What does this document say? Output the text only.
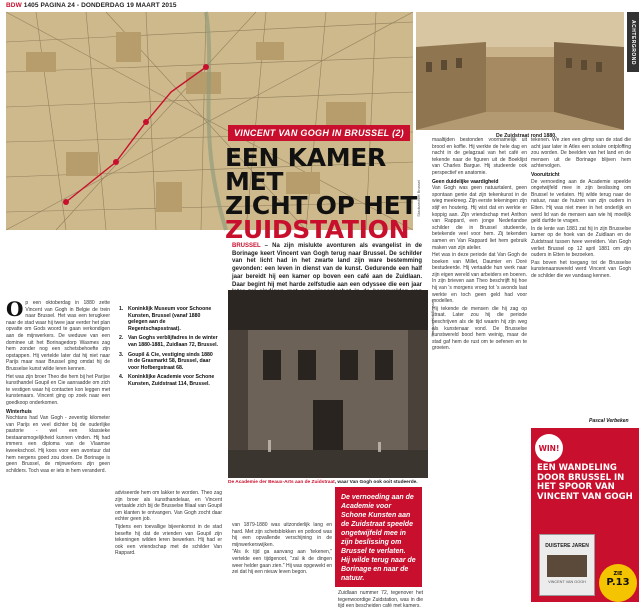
BDW 1405 PAGINA 24 - DONDERDAG 19 MAART 2015
Stadsarchief Brussel
De Zuidstraat rond 1880.
ACHTERGROND
VINCENT VAN GOGH IN BRUSSEL (2)
EEN KAMER MET
ZICHT OP HET
ZUIDSTATION
BRUSSEL – Na zijn mislukte avonturen als evangelist in de Borinage keert Vincent van Gogh terug naar Brussel. De schilder van het licht had in het zwarte land zijn ware bestemming gevonden: een leven in dienst van de kunst. Gedurende een half jaar bereidt hij een kamer op boven een café aan de Zuidlaan. Daar begint hij met harde zelfstudie aan een odyssee die een jaar
O p een oktoberdag in 1880 zette Vincent van Gogh in Belgie de trein naar Brussel. Het was een terugkeer naar de stad waar hij twee jaar eerder het plan opvatte om Gods woord te gaan verkondigen aan de mijnwerkers. De weduwe van een dominee uit het Borinagedorp Wasmes zag hem zonder nog een schetsbehoefte zijn opstappen. Hij vertelde later dat hij niet naar Parijs maar naar Brussel ging omdat hij de Brusselse kunst wilde leren kennen.

Het was zijn broer Theo die hem bij het Parijse kunsthandel Goupil en Cie aanraadde om zich te vestigen waar hij contacten kon leggen met kunstenaars. Vincent ging op zoek naar een goedkoop onderkomen.

Winterhuis

Nochtans had Van Gogh - zeventig kilometer van Parijs en veel dichter bij de ouderlijke pastorie - wel een klassieke bestaansmogelijkheid kunnen vinden. Hij had immers een diploma van de Vlaamse kweekschool. Hij koos voor een avontuur dat hem nergens goed zou doen. De Borinage is geen Brussel, de mijnwerkers zijn geen schilders. Toch was er iets in hem veranderd.

1. Koninklijk Museum voor Schoone Kunsten, Brussel (vanaf 1880 gelegen aan de Regentschapsstraat).
2. Van Goghs verblijfadres in de winter van 1880-1881, Zuidlaan 72, Brussel.
3. Goupil & Cie, vestiging sinds 1880 in de Grasmarkt 58, Brussel, daar voor Hofbergstraat 68.
4. Koninklijke Academie voor Schone Kunsten, Zuidstraat 114, Brussel.

adviseerde hem om lakker te worden. Theo zag zijn broer als kunsthandelaar, en Vincent vertaalde zich bij de Brusselse filiaal van Goupil om klanten te ontvangen. Van Gogh zocht daar echter geen job.

Tijdens een toevallige bijeenkomst in de stad besefte hij dat de vrienden van Goupil zijn tekeningen wilden leren bewerken. Hij had er ook een vriendschap met de schilder Van Rappard.

De Academie der Beaux-Arts aan de Zuidstraat, waar Van Gogh ook ooit studeerde.
Stadsarchief Brussel
De vernoeding aan de Academie voor Schone Kunsten aan de Zuidstraat speelde ongetwijfeld mee in zijn beslissing om Brussel te verlaten. Hij wilde terug naar de Borinage en naar de natuur.

van 1879-1880 was uitzonderlijk lang en hard. Met zijn schetsblokken en potlood was hij een opvallende verschijning in de mijnwerkerswijken.

"Als ik tijd ga aanvang aan 'tekenen," vertelde een tijdgenoot, "zal ik de dingen weer helder gaan zien." Hij was opgewekt en zei dat hij een nieuw leven begon.

Zuidlaan nummer 72, tegenover het tegenwoordige Zuidstation, was in die tijd een bescheiden café met kamers.

maaltijden bestonden voornamelijk uit brood en koffie. Hij werkte de hele dag en nacht in de gelagzaal van het café en tekende naar de figuren uit de Boeklijst van Charles Bargue. Hij studeerde ook perspectief en anatomie.

Geen duidelijke vaardigheid

Van Gogh was geen natuurtalent, geen spontaan genie dat zijn tekenkunst in de wieg meekreeg. Zijn eerste tekeningen zijn stijf en houterig. Hij wist dat en werkte er koppig aan. Zijn vriendschap met Anthon van Rappard, een jonge Nederlandse schilder die in Brussel studeerde, betekende veel voor hem. Zij tekenden samen en Van Rappard liet hem gebruik maken van zijn atelier.

Het was in deze periode dat Van Gogh de boeken van Millet, Daumier en Doré bestudeerde. Hij vertaalde hun werk naar zijn eigen wereld van arbeiders en boeren. In zijn brieven aan Theo beschrijft hij hoe hij van 's morgens vroeg tot 's avonds laat werkte en toch geen geld had voor modellen.

Hij tekende de mensen die hij zag op straat. Later zou hij die periode beschrijven als de tijd waarin hij zijn weg als kunstenaar vond. De Brusselse kunstwereld bood hem weinig, maar de stad gaf hem de rust om te oefenen en te groeien.

tekenen. We zien een glimp van de stad die acht jaar later in Atles een solaire ontploffing zou worden. De beelden van het land en de mensen uit de Borinage blijven hem achtervolgen.

Vooruitzicht

De vernoeding aan de Academie speelde ongetwijfeld mee in zijn beslissing om Brussel te verlaten. Hij wilde terug naar de natuur, naar de huizen van zijn ouders in Etten. Hij was niet meer in het onderlijk en werd lid van de mensen aan wie hij moeilijk geld durfde te vragen.

In de lente van 1881 zat hij in zijn Brusselse kamer op de hoek van de Zuidlaan en de Zuidstraat tussen twee werelden. Van Gogh verliet Brussel op 12 april 1881 om zijn ouders in Etten te bezoeken.

Pas boven het toegang tot de Brusselse kunstenaarswereld werd Vincent van Gogh de schilder die we vandaag kennen.

Pascal Verbeken
WIN!
EEN WANDELING DOOR BRUSSEL IN HET SPOOR VAN VINCENT VAN GOGH
DUISTERE JAREN
VINCENT VAN GOGH
ZIE
P.13
